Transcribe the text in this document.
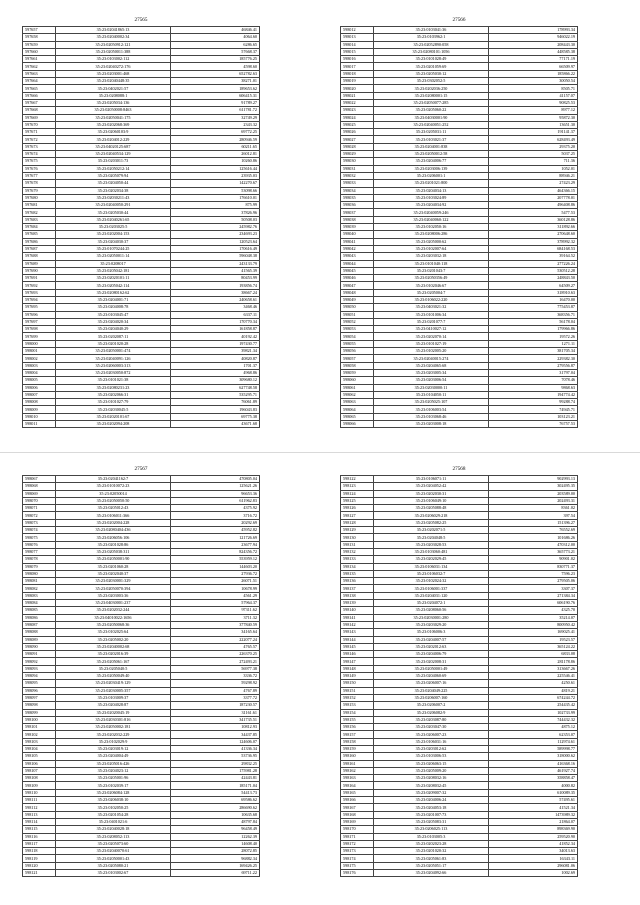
27565
597657	35:23:02041865:13	46846.41
597658	35:23:02040002:34	4064.60
597659	35:23:02050912:121	6286.65
597660	35:23:02050011:388	57668.37
597661	35:23:0103002:112	185776.25
597662	35:23:02040272:176	4598.60
597663	35:23:0203001:468	652782.63
597664	35:23:02040448:35	38271.01
597665	35:23:0402021:57	189653.62
597666	35:23:0208088:1	606415.31
597667	35:23:0205034:136	91789.27
597668	35:23:02050008:8463	611781.72
597669	35:23:02050041:175	32749.29
597670	35:23:0202068:369	2343.32
597671	35:23:02060103:9	69772.25
597672	35:23:0204012:229	280946.59
597673	35:23:04020125:687	60211.65
597674	35:23:02040534:129	26012.81
597675	35:23:0203011:73	10260.86
597676	35:23:02050212:14	125616.44
597677	35:23:0205079:94	23935.03
597678	35:23:0204050:44	142270.67
597679	35:23:0202034:38	53098.66
597680	35:23:02030211:43	176610.01
597681	35:23:02040050:291	875.99
597682	35:23:0205030:44	37826.96
597683	35:23:02040261:65	50508.03
597684	35:23:0203025:5	245982.76
597685	35:23:0202004:153	234693.23
597686	35:23:0204030:37	120523.64
597687	35:23:01070244:25	170616.49
597688	35:23:02050011:14	596048.38
597689	35:23:0208017	243133.79
597690	35:23:0205042:181	41565.39
597691	35:23:02020101:11	80453.99
597692	35:23:0205042:114	193856.74
597693	35:23:02080162:62	38667.24
597694	35:23:0204001:71	240658.61
597695	35:23:0204008:78	3468.46
597696	35:23:0103045:47	6337.11
597697	35:23:0204020:34	170770.34
597698	35:23:0204040:29	161858.87
597699	35:23:0202087:11	40192.42
598000	35:23:0201020:28	197430.77
598001	35:23:02050001:474	39821.34
598002	35:23:02040091:126	40820.87
598003	35:23:02060003:313	1701.37
598004	35:23:02030050:872	4968.86
598005	35:23:0101021:38	309680.12
598006	35:23:02080231:23	627748.58
598007	35:23:0202066:31	535295.71
598008	35:23:0101027:79	76061.89
598009	35:23:02030045:5	196043.83
598010	35:23:02020101:67	69775.38
598011	35:23:0202094:208	43671.68
27566
598012	35:23:0103041:36	178993.34
598013	35:23:0103962:1	946022.19
598014	35:23:02052890:058	208443.30
598015	35:23:02080101:1056	448585.38
598016	35:23:0101028:49	77171.19
598017	35:23:0201059:69	66509.97
598018	35:23:0205030:12	185866.22
598019	35:23:0302052:5	30050.54
598020	35:23:0202036:250	8505.71
598021	35:23:02080001:15	41157.07
598022	35:23:02050077:285	90825.53
598023	35:23:0205060:22	8977.12
598024	35:23:04030001:90	95872.30
598025	35:23:02040051:252	13651.30
598026	35:23:0205031:11	191141.37
598027	35:23:0103021:37	628493.49
598028	35:23:0204001:838	29375.20
598029	35:23:02050012:58	5037.25
598030	35:23:0204006:77	711.36
598031	35:23:0203006:139	1052.01
598032	35:23:0206001:1	88946.21
598033	35:23:0201021:800	27423.29
598034	35:23:0204034:13	464366.15
598035	35:23:0103024:89	207778.01
598036	35:23:0204034:92	496408.86
598037	35:23:02040059:246	5477.53
598038	35:23:02040060:122	360128.86
598039	35:23:0102050:16	311892.66
598040	35:23:0208006:286	270648.60
598041	35:23:0205000:62	378992.32
598042	35:23:0102007:64	684168.53
598043	35:23:0203032:18	39164.52
598044	35:23:0101040:118	277226.24
598045	35:23:0201043:7	530512.28
598046	35:23:02050356:49	248843.50
598047	35:23:0102046:67	64509.27
598048	35:23:0205004:7	318910.63
598049	35:23:0106022:220	16470.00
598050	35:23:0403021:32	775453.87
598051	35:23:0101006:34	368356.71
598052	35:23:0201077:7	56178.04
598053	35:23:0410027:12	179966.86
598054	35:23:0202070:14	19572.26
598055	35:23:0101027:19	1271.11
598056	35:23:0102005:20	381705.34
598057	35:23:02040015:274	229382.30
598058	35:23:0204065:68	279556.87
598059	35:23:0203005:34	31797.04
598060	35:23:0203006:54	7078.46
598061	35:23:02030000:11	9868.63
598062	35:23:0104050:11	194774.42
598063	35:23:0205025:107	99288.74
598064	35:23:0106003:54	74945.71
598065	35:23:0103068:46	103123.21
598066	35:23:0203008:18	76757.53
27567
598067	35:23:02041162:7	470805.04
598068	35:23:01010072:23	125621.26
598069	35:23:02050014	96653.36
598070	35:23:02050050:50	611962.83
598071	35:23:0205012:43	4375.92
598072	35:23:0106011:366	3716.72
598073	35:23:0202004:228	20292.69
598074	35:23:02080404:436	45952.82
598075	35:23:0206056:106	121726.69
598076	35:23:0201028:86	23677.94
598077	35:23:0205038:311	824356.72
598078	35:23:02050001:90	553959.12
598079	35:23:0201060:28	144603.20
598080	35:23:0202040:37	27936.72
598081	35:23:02030001:329	26071.51
598082	35:23:02050070:394	10678.99
598083	35:23:0203003:36	4561.29
598084	35:23:04030001:237	57964.37
598085	35:23:0202032:244	97311.62
598086	35:23:04010022:1656	3711.32
598087	35:23:02050068:36	377840.59
598088	35:23:0102025:64	34165.64
598089	35:23:0205002:20	222077.24
598090	35:23:02040002:68	4765.57
598091	35:23:0202016:39	226370.25
598092	35:23:0205061:167	272493.21
598093	35:23:0205040:5	56977.38
598094	35:23:02050049:40	3336.72
598095	35:23:02030419:129	59298.92
598096	35:23:02030005:357	4767.89
598097	35:23:0103009:37	3377.72
598098	35:23:0204028:87	187230.57
598099	35:23:02020045:19	31161.61
598100	35:23:02030301:816	341735.51
598101	35:23:02050002:181	10812.93
598102	35:23:0202032:229	34437.85
598103	35:23:0102029:9	124606.07
598104	35:23:0203019:12	41336.34
598105	35:23:0204004:49	53736.95
598106	35:23:0205016:426	29832.25
598107	35:23:0204023:12	175981.28
598108	35:23:0205001:96	42443.81
598109	35:23:0102039:17	185171.04
598110	35:23:0206084:128	54413.73
598111	35:23:0206038:10	69586.62
598112	35:23:0102050:25	286690.62
598113	35:23:0201054:28	10635.68
598114	35:23:0401021:6	48797.84
598115	35:23:02040028:18	96458.49
598116	35:23:0208052:113	12262.39
598117	35:23:0205073:60	14608.40
598118	35:23:02040070:61	28072.85
598119	35:23:02050001:43	96882.34
598120	35:23:0205080:21	169426.25
598121	35:23:0103002:67	69711.22
27568
598122	35:23:0106071:11	902993.13
598123	35:23:0204052:42	302495.35
598124	35:23:0202030:31	203589.00
598125	35:23:0106049:10	202493.31
598126	35:23:0205088:48	8361.02
598127	35:23:0206029:218	397.54
598128	35:23:0205082:25	151396.27
598129	35:23:0202071:5	76552.69
598130	35:23:0204048:5	101686.26
598131	35:23:0203028:53	470312.00
598132	35:23:0103060:481	365773.21
598133	35:23:0202029:45	90901.02
598134	35:23:0106031:134	830771.37
598135	35:23:0106032:7	7596.23
598136	35:23:0102024:32	279505.06
598137	35:23:0106001:337	3307.37
598138	35:23:0204031:120	271384.34
598139	35:23:0204072:1	606190.76
598140	35:23:0208060:56	4325.70
598141	35:23:02030001:280	35214.07
598142	35:23:0203029:20	800950.42
598143	35:23:0106006:3	169025.41
598144	35:23:0204007:57	19523.57
598145	35:23:0202012:63	365124.22
598146	35:23:0204006:79	6833.08
598147	35:23:0202008:31	281178.86
598148	35:23:02050001:49	313667.26
598149	35:23:0204060:69	225546.41
598150	35:23:0206007:16	4250.61
598151	35:23:0204049:225	4819.21
598152	35:23:0206007:160	674244.72
598153	35:23:0206007:2	254435.42
598154	35:23:0206082:9	102733.99
598155	35:23:0203087:80	744432.32
598156	35:23:0203047:30	4875.12
598157	35:23:0206007:23	62353.07
598158	35:23:0106031:16	112974.61
598159	35:23:0203012:62	589998.77
598160	35:23:0103006:53	318000.62
598161	35:23:0206063:15	416368.16
598162	35:23:0205009:20	461927.74
598163	35:23:0208032:16	358858.47
598164	35:23:0208032:45	4000.82
598165	35:23:0209007:32	610089.35
598166	35:23:0204006:24	57495.61
598167	35:23:0204053:18	41521.34
598168	35:23:0201007:73	1473989.32
598169	35:23:0205083:31	21864.07
598170	35:23:0206025:113	898369.90
598171	35:23:0103005:3	259520.90
598172	35:23:0202023:28	41852.34
598173	35:23:0201020:32	34013.63
598174	35:23:0205061:83	16343.11
598175	35:23:0205051:17	296081.06
598176	35:23:0204092:66	1002.69
